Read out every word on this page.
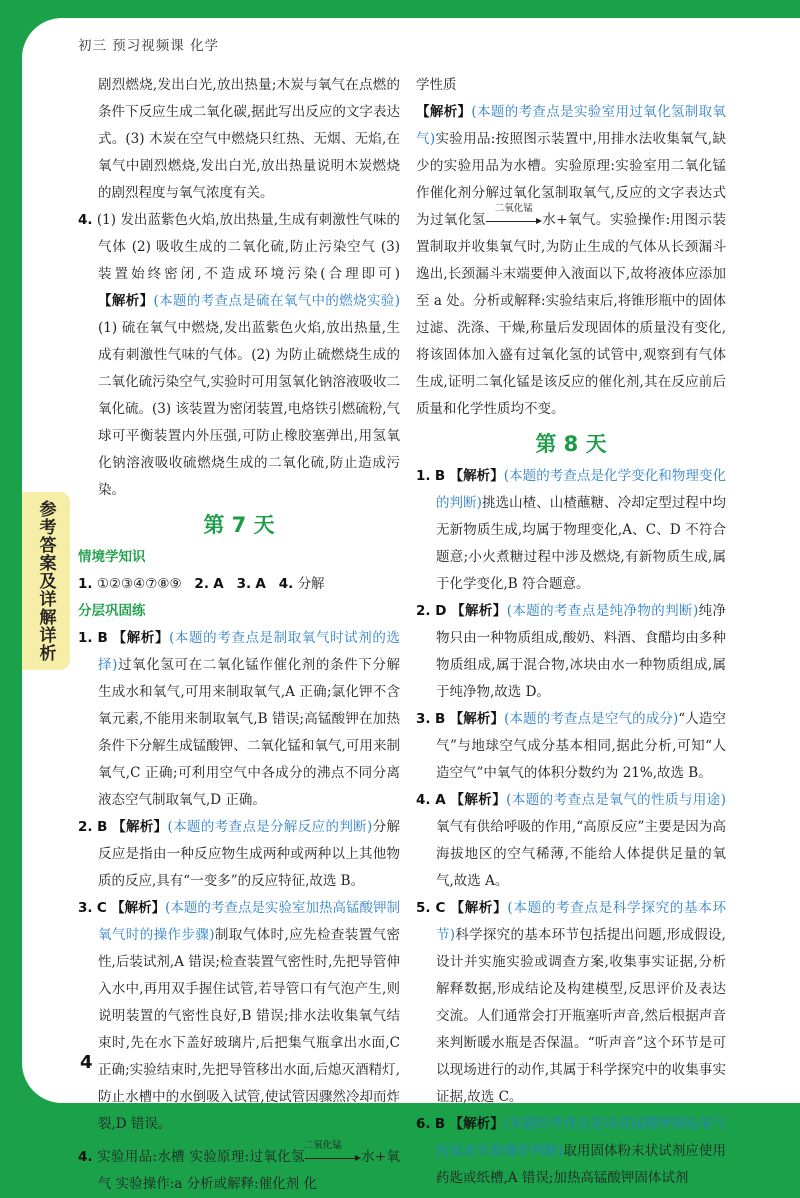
初三 预习视频课 化学
参考答案及详解详析
4
剧烈燃烧,发出白光,放出热量;木炭与氧气在点燃的条件下反应生成二氧化碳,据此写出反应的文字表达式。(3) 木炭在空气中燃烧只红热、无烟、无焰,在氧气中剧烈燃烧,发出白光,放出热量说明木炭燃烧的剧烈程度与氧气浓度有关。
4. (1) 发出蓝紫色火焰,放出热量,生成有刺激性气味的气体 (2) 吸收生成的二氧化硫,防止污染空气 (3) 装置始终密闭,不造成环境污染(合理即可) 【解析】(本题的考查点是硫在氧气中的燃烧实验)(1) 硫在氧气中燃烧,发出蓝紫色火焰,放出热量,生成有刺激性气味的气体。(2) 为防止硫燃烧生成的二氧化硫污染空气,实验时可用氢氧化钠溶液吸收二氧化硫。(3) 该装置为密闭装置,电烙铁引燃硫粉,气球可平衡装置内外压强,可防止橡胶塞弹出,用氢氧化钠溶液吸收硫燃烧生成的二氧化硫,防止造成污染。
第 7 天
情境学知识
1. ①②③④⑦⑧⑨ 2. A 3. A 4. 分解
分层巩固练
1. B 【解析】(本题的考查点是制取氧气时试剂的选择)过氧化氢可在二氧化锰作催化剂的条件下分解生成水和氧气,可用来制取氧气,A 正确;氯化钾不含氧元素,不能用来制取氧气,B 错误;高锰酸钾在加热条件下分解生成锰酸钾、二氧化锰和氧气,可用来制氧气,C 正确;可利用空气中各成分的沸点不同分离液态空气制取氧气,D 正确。
2. B 【解析】(本题的考查点是分解反应的判断)分解反应是指由一种反应物生成两种或两种以上其他物质的反应,具有“一变多”的反应特征,故选 B。
3. C 【解析】(本题的考查点是实验室加热高锰酸钾制氧气时的操作步骤)制取气体时,应先检查装置气密性,后装试剂,A 错误;检查装置气密性时,先把导管伸入水中,再用双手握住试管,若导管口有气泡产生,则说明装置的气密性良好,B 错误;排水法收集氧气结束时,先在水下盖好玻璃片,后把集气瓶拿出水面,C 正确;实验结束时,先把导管移出水面,后熄灭酒精灯,防止水槽中的水倒吸入试管,使试管因骤然冷却而炸裂,D 错误。
4. 实验用品:水槽 实验原理:过氧化氢
二氧化锰
水+氧气 实验操作:a 分析或解释:催化剂 化
学性质
【解析】(本题的考查点是实验室用过氧化氢制取氧气)实验用品:按照图示装置中,用排水法收集氧气,缺少的实验用品为水槽。实验原理:实验室用二氧化锰作催化剂分解过氧化氢制取氧气,反应的文字表达式为过氧化氢
二氧化锰
水+氧气。实验操作:用图示装置制取并收集氧气时,为防止生成的气体从长颈漏斗逸出,长颈漏斗末端要伸入液面以下,故将液体应添加至 a 处。分析或解释:实验结束后,将锥形瓶中的固体过滤、洗涤、干燥,称量后发现固体的质量没有变化,将该固体加入盛有过氧化氢的试管中,观察到有气体生成,证明二氧化锰是该反应的催化剂,其在反应前后质量和化学性质均不变。
第 8 天
1. B 【解析】(本题的考查点是化学变化和物理变化的判断)挑选山楂、山楂蘸糖、冷却定型过程中均无新物质生成,均属于物理变化,A、C、D 不符合题意;小火煮糖过程中涉及燃烧,有新物质生成,属于化学变化,B 符合题意。
2. D 【解析】(本题的考查点是纯净物的判断)纯净物只由一种物质组成,酸奶、料酒、食醋均由多种物质组成,属于混合物,冰块由水一种物质组成,属于纯净物,故选 D。
3. B 【解析】(本题的考查点是空气的成分)“人造空气”与地球空气成分基本相同,据此分析,可知“人造空气”中氧气的体积分数约为 21%,故选 B。
4. A 【解析】(本题的考查点是氧气的性质与用途)氧气有供给呼吸的作用,“高原反应”主要是因为高海拔地区的空气稀薄,不能给人体提供足量的氧气,故选 A。
5. C 【解析】(本题的考查点是科学探究的基本环节)科学探究的基本环节包括提出问题,形成假设,设计并实施实验或调查方案,收集事实证据,分析解释数据,形成结论及构建模型,反思评价及表达交流。人们通常会打开瓶塞听声音,然后根据声音来判断暖水瓶是否保温。“听声音”这个环节是可以现场进行的动作,其属于科学探究中的收集事实证据,故选 C。
6. B 【解析】(本题的考查点是用高锰酸钾制取氧气的基本实验操作判断)取用固体粉末状试剂应使用药匙或纸槽,A 错误;加热高锰酸钾固体试剂
